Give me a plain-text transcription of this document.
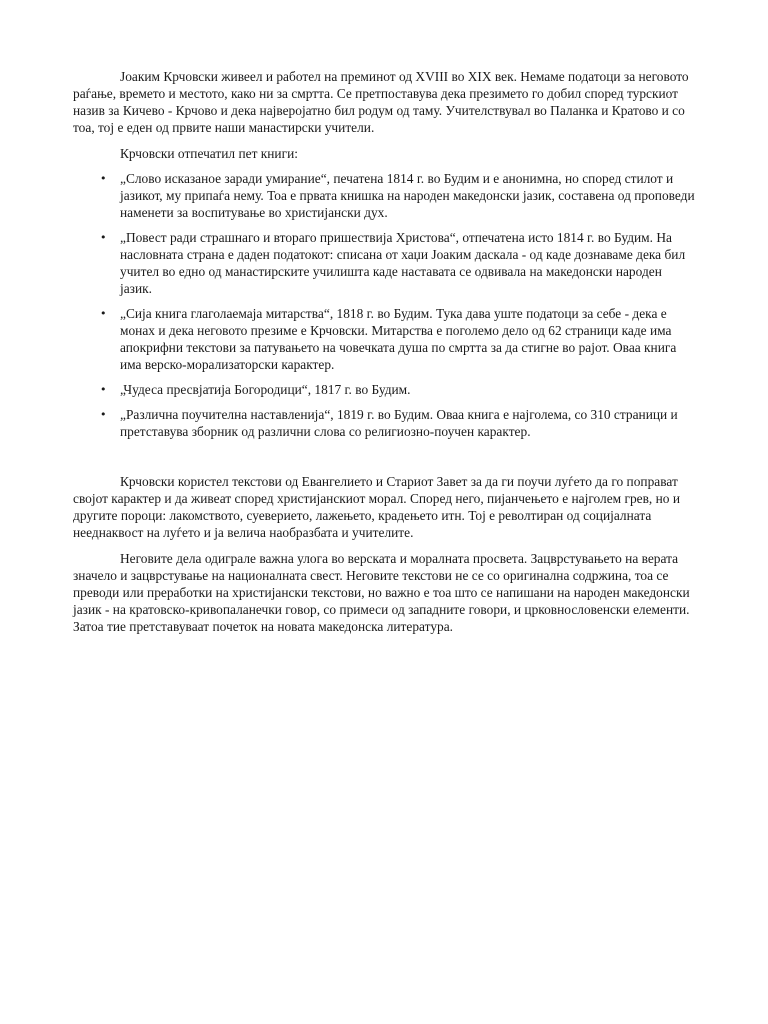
Јоаким Крчовски живеел и работел на преминот од XVIII во XIX век. Немаме податоци за неговото раѓање, времето и местото, како ни за смртта. Се претпоставува дека презимето го добил според турскиот назив за Кичево - Крчово и дека најверојатно бил родум од таму. Учителствувал во Паланка и Кратово и со тоа, тој е еден од првите наши манастирски учители.

Крчовски отпечатил пет книги:

• „Слово исказаное заради умирание“, печатена 1814 г. во Будим и е анонимна, но според стилот и јазикот, му припаѓа нему. Тоа е првата книшка на народен македонски јазик, составена од проповеди наменети за воспитување во христијански дух.
• „Повест ради страшнаго и вторaго пришествија Христова“, отпечатена исто 1814 г. во Будим. На насловната страна е даден податокот: списана от хаџи Јоаким даскала - од каде дознаваме дека бил учител во едно од манастирските училишта каде наставата се одвивала на македонски народен јазик.
• „Сија книга глаголаемаја митарства“, 1818 г. во Будим. Тука дава уште податоци за себе - дека е монах и дека неговото презиме е Крчовски. Митарства е поголемо дело од 62 страници каде има апокрифни текстови за патувањето на човечката душа по смртта за да стигне во рајот. Оваа книга има верско-морализаторски карактер.
• „Чудеса пресвјатија Богородици“, 1817 г. во Будим.
• „Различна поучителна наставленија“, 1819 г. во Будим. Оваа книга е најголема, со 310 страници и претставува зборник од различни слова со религиозно-поучен карактер.

Крчовски користел текстови од Евангелието и Стариот Завет за да ги поучи луѓето да го поправат својот карактер и да живеат според христијанскиот морал. Според него, пијанчењето е најголем грев, но и другите пороци: лакомството, суеверието, лажењето, крадењето итн. Тој е револтиран од социјалната нееднаквост на луѓето и ја велича наобразбата и учителите.

Неговите дела одиграле важна улога во верската и моралната просвета. Зацврстувањето на верата значело и зацврстување на националната свест. Неговите текстови не се со оригинална содржина, тоа се преводи или преработки на христијански текстови, но важно е тоа што се напишани на народен македонски јазик - на кратовско-кривопаланечки говор, со примеси од западните говори, и црковнословенски елементи. Затоа тие претставуваат почеток на новата македонска литература.
